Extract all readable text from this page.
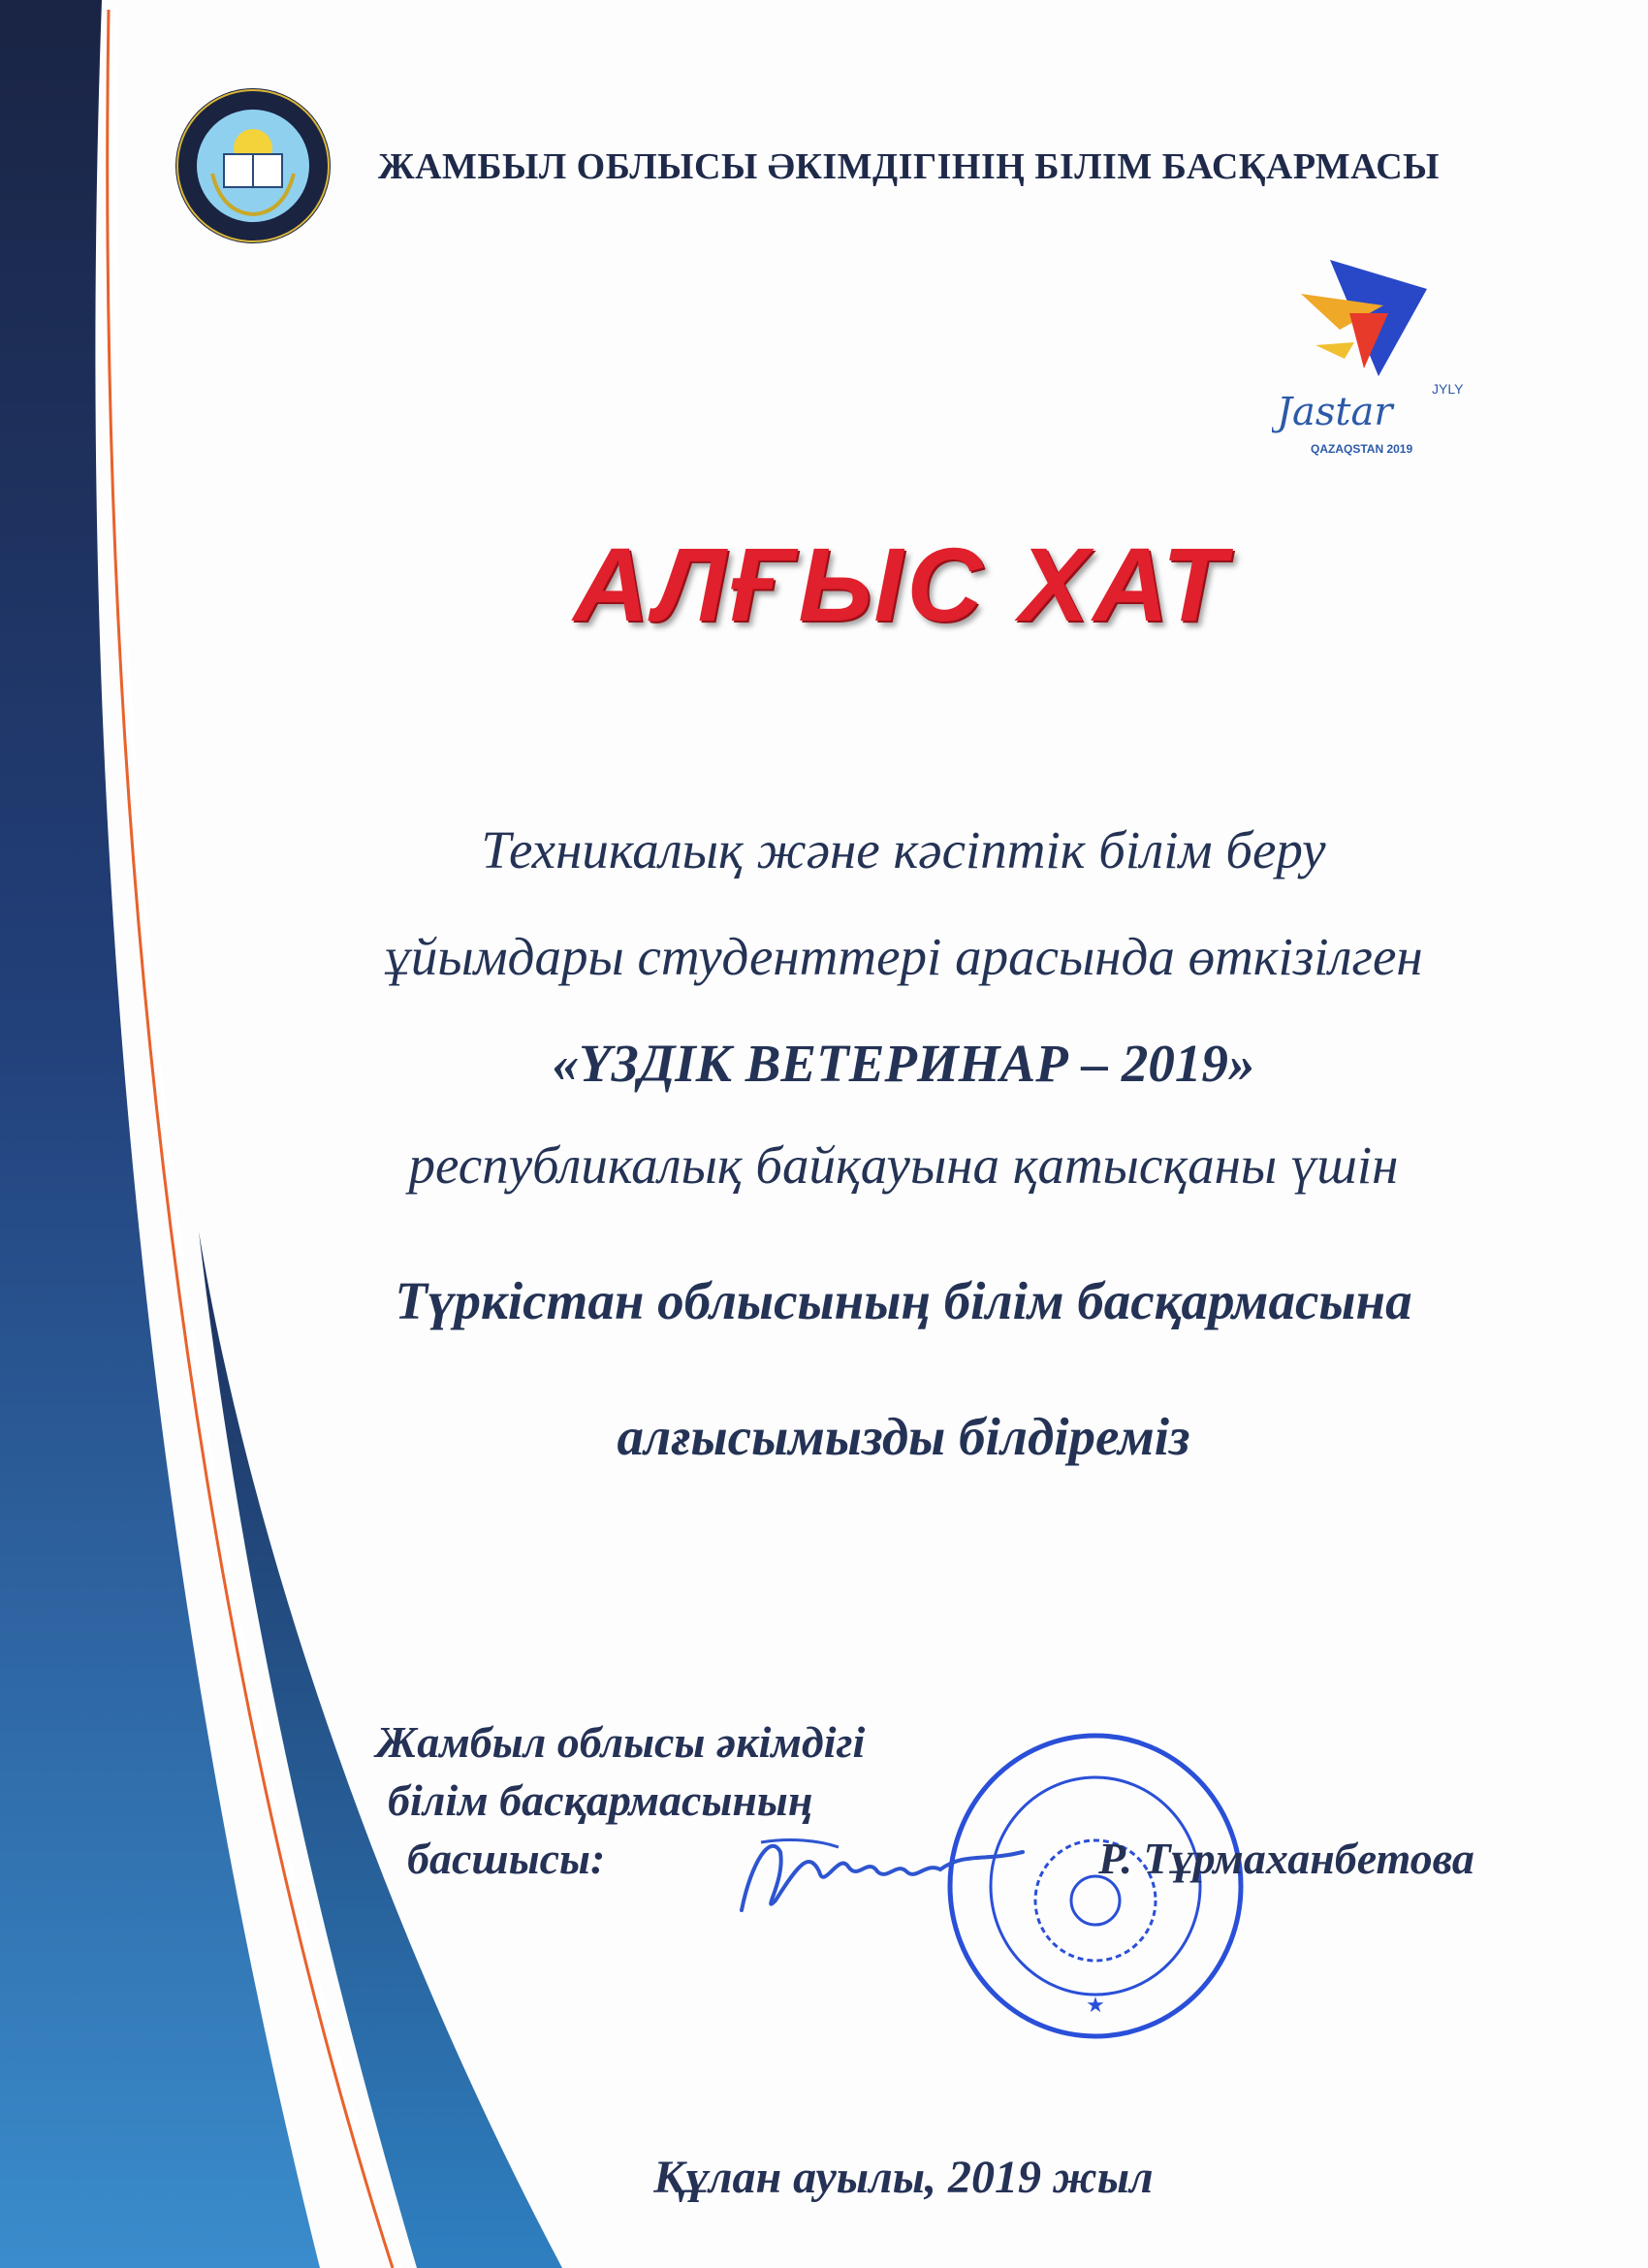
ЖАМБЫЛ ОБЛЫСЫ ӘКІМДІГІНІҢ БІЛІМ БАСҚАРМАСЫ
Jastar
JYLY
QAZAQSTAN 2019
АЛҒЫС ХАТ
Техникалық және кәсіптік білім беру
ұйымдары студенттері арасында өткізілген
«ҮЗДІК ВЕТЕРИНАР – 2019»
республикалық байқауына қатысқаны үшін
Түркістан облысының білім басқармасына
алғысымызды білдіреміз
Жамбыл облысы әкімдігі
білім басқармасының
басшысы:
★
Р. Тұрмаханбетова
Құлан ауылы, 2019 жыл
